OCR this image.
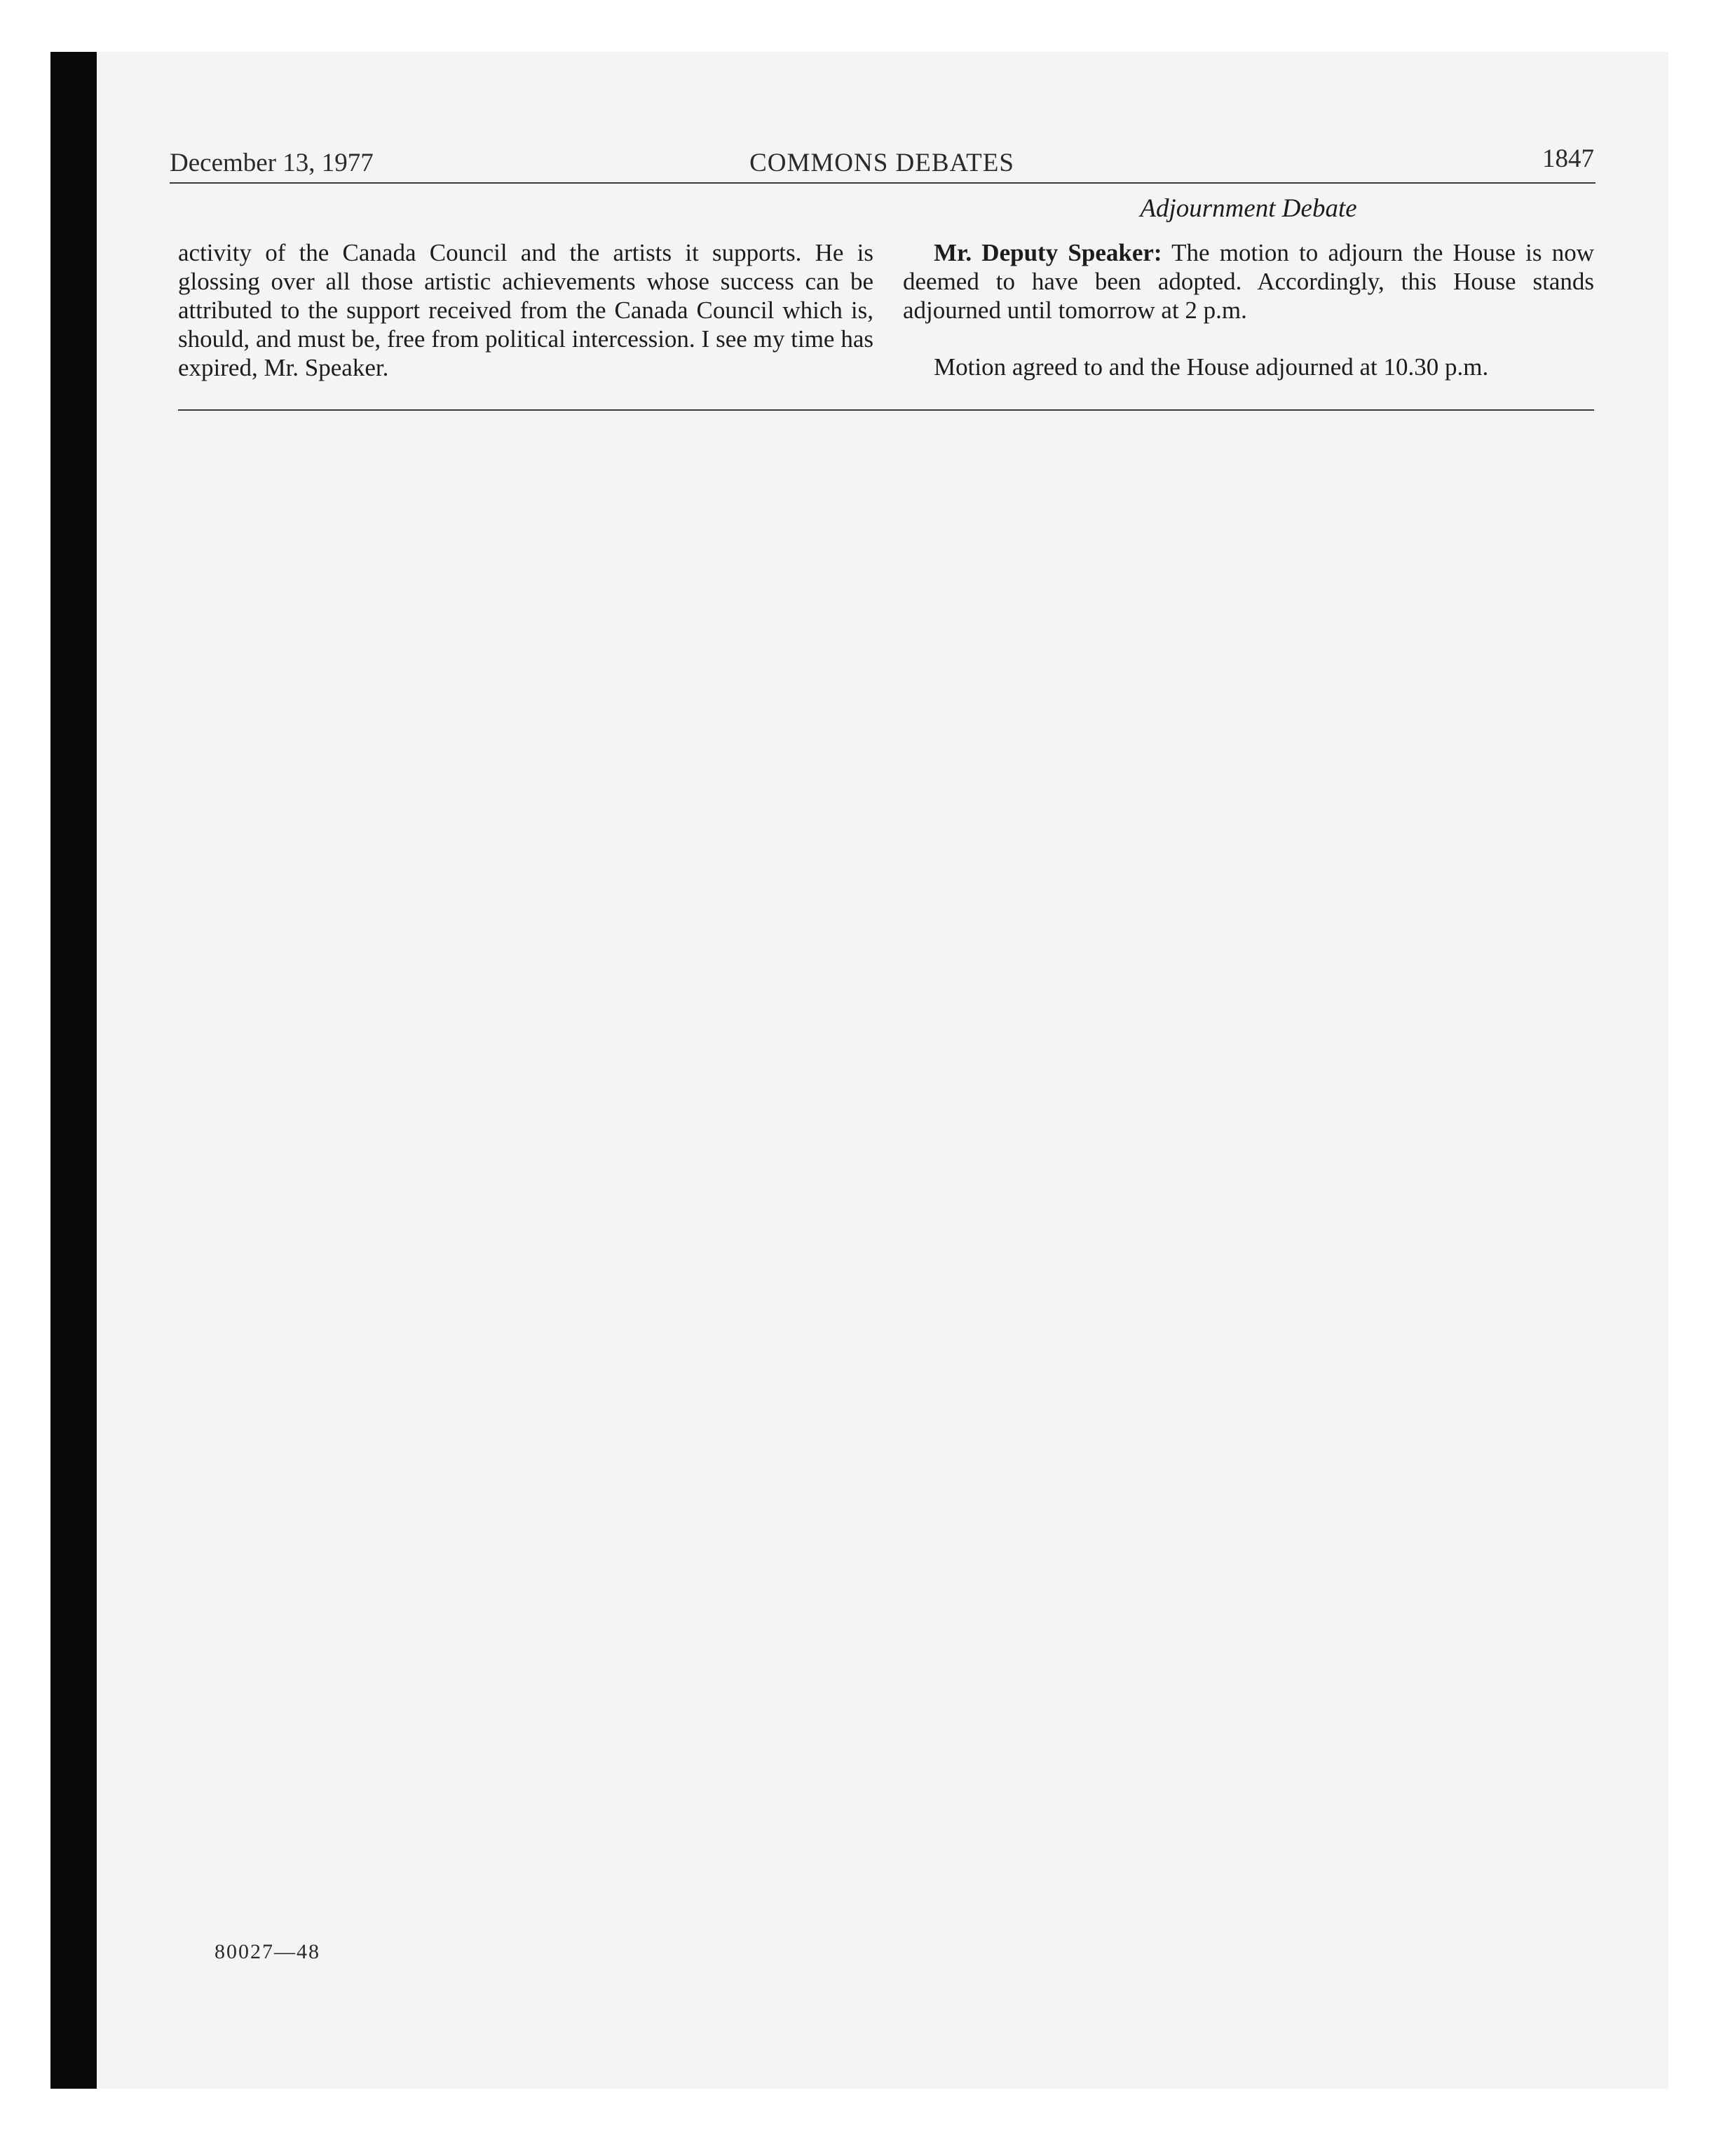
December 13, 1977	COMMONS DEBATES	1847

activity of the Canada Council and the artists it supports. He is glossing over all those artistic achievements whose success can be attributed to the support received from the Canada Council which is, should, and must be, free from political intercession. I see my time has expired, Mr. Speaker.

Adjournment Debate

Mr. Deputy Speaker: The motion to adjourn the House is now deemed to have been adopted. Accordingly, this House stands adjourned until tomorrow at 2 p.m.

Motion agreed to and the House adjourned at 10.30 p.m.

80027—48
